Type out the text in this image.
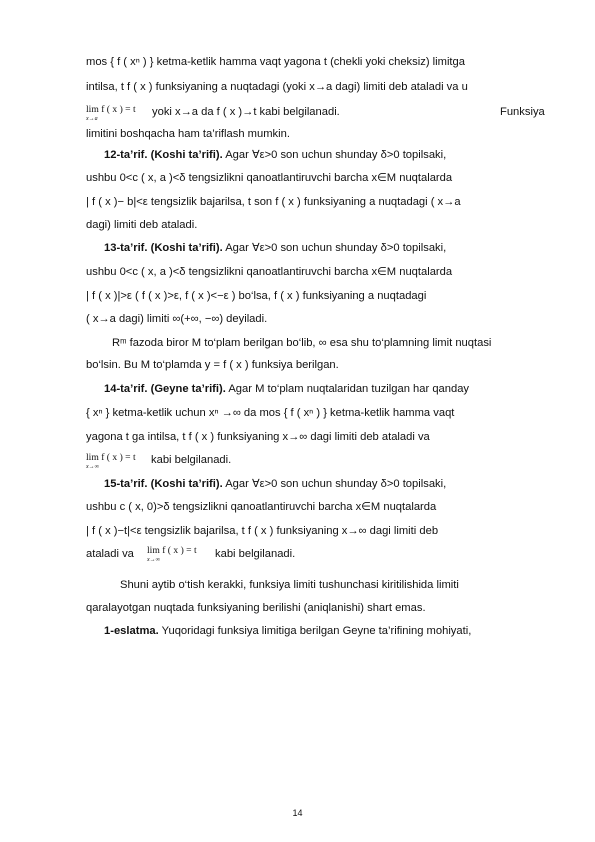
mos { f ( xⁿ ) } ketma-ketlik hamma vaqt yagona t (chekli yoki cheksiz) limitga
intilsa, t f ( x ) funksiyaning a nuqtadagi (yoki x→a dagi) limiti deb ataladi va u
lim f ( x ) = t
x→a
yoki x→a da f ( x )→t kabi belgilanadi.	Funksiya
limitini boshqacha ham ta’riflash mumkin.
12-ta’rif. (Koshi ta’rifi). Agar ∀ε>0 son uchun shunday δ>0 topilsaki,
ushbu 0<c ( x, a )<δ tengsizlikni qanoatlantiruvchi barcha x∈M nuqtalarda
| f ( x )− b|<ε tengsizlik bajarilsa, t son f ( x ) funksiyaning a nuqtadagi ( x→a
dagi) limiti deb ataladi.
13-ta’rif. (Koshi ta’rifi). Agar ∀ε>0 son uchun shunday δ>0 topilsaki,
ushbu 0<c ( x, a )<δ tengsizlikni qanoatlantiruvchi barcha x∈M nuqtalarda
| f ( x )|>ε ( f ( x )>ε, f ( x )<−ε ) bo‘lsa, f ( x ) funksiyaning a nuqtadagi
( x→a dagi) limiti ∞(+∞, −∞) deyiladi.
Rᵐ fazoda biror M to‘plam berilgan bo‘lib, ∞ esa shu to‘plamning limit nuqtasi
bo‘lsin. Bu M to‘plamda y = f ( x ) funksiya berilgan.
14-ta’rif. (Geyne ta’rifi). Agar M to‘plam nuqtalaridan tuzilgan har qanday
{ xⁿ } ketma-ketlik uchun xⁿ →∞ da mos { f ( xⁿ ) } ketma-ketlik hamma vaqt
yagona t ga intilsa, t f ( x ) funksiyaning x→∞ dagi limiti deb ataladi va
lim f ( x ) = t
x→∞
kabi belgilanadi.
15-ta’rif. (Koshi ta’rifi). Agar ∀ε>0 son uchun shunday δ>0 topilsaki,
ushbu c ( x, 0)>δ tengsizlikni qanoatlantiruvchi barcha x∈M nuqtalarda
| f ( x )−t|<ε tengsizlik bajarilsa, t f ( x ) funksiyaning x→∞ dagi limiti deb
ataladi va lim f ( x ) = t
x→∞	kabi belgilanadi.
Shuni aytib o‘tish kerakki, funksiya limiti tushunchasi kiritilishida limiti
qaralayotgan nuqtada funksiyaning berilishi (aniqlanishi) shart emas.
1-eslatma. Yuqoridagi funksiya limitiga berilgan Geyne ta’rifining mohiyati,
14
